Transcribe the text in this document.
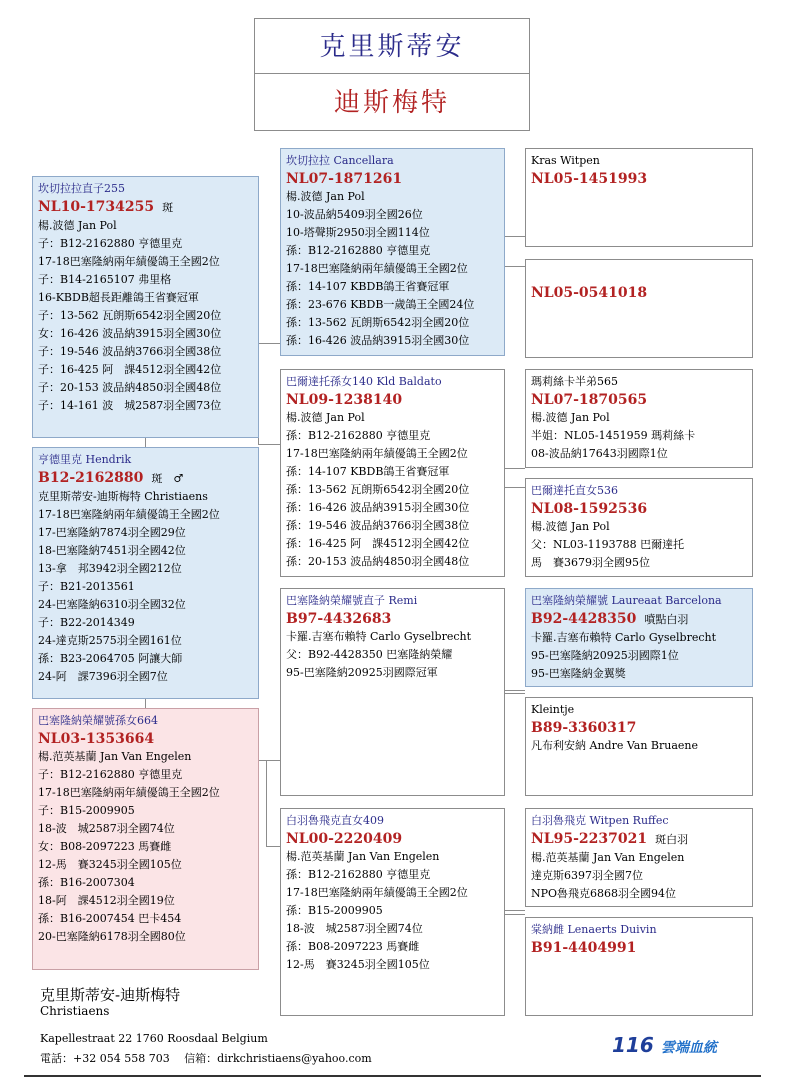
克里斯蒂安
迪斯梅特
坎切拉拉直子255
NL10-1734255 斑
楊.波德 Jan Pol
子：B12-2162880 亨德里克
17-18巴塞隆納兩年績優鴿王全國2位
子：B14-2165107 弗里格
16-KBDB超長距離鴿王省賽冠軍
子：13-562 瓦朗斯6542羽全國20位
女：16-426 波品納3915羽全國30位
子：19-546 波品納3766羽全國38位
子：16-425 阿　課4512羽全國42位
子：20-153 波品納4850羽全國48位
子：14-161 波　城2587羽全國73位
亨德里克 Hendrik
B12-2162880 斑　♂
克里斯蒂安-迪斯梅特 Christiaens
17-18巴塞隆納兩年績優鴿王全國2位
17-巴塞隆納7874羽全國29位
18-巴塞隆納7451羽全國42位
13-拿　邦3942羽全國212位
子：B21-2013561
24-巴塞隆納6310羽全國32位
子：B22-2014349
24-達克斯2575羽全國161位
孫：B23-2064705 阿讓大師
24-阿　課7396羽全國7位
巴塞隆納榮耀號孫女664
NL03-1353664
楊.范英基蘭 Jan Van Engelen
子：B12-2162880 亨德里克
17-18巴塞隆納兩年績優鴿王全國2位
子：B15-2009905
18-波　城2587羽全國74位
女：B08-2097223 馬賽雌
12-馬　賽3245羽全國105位
孫：B16-2007304
18-阿　課4512羽全國19位
孫：B16-2007454 巴卡454
20-巴塞隆納6178羽全國80位
坎切拉拉 Cancellara
NL07-1871261
楊.波德 Jan Pol
10-波品納5409羽全國26位
10-塔聲斯2950羽全國114位
孫：B12-2162880 亨德里克
17-18巴塞隆納兩年績優鴿王全國2位
孫：14-107 KBDB鴿王省賽冠軍
孫：23-676 KBDB一歲鴿王全國24位
孫：13-562 瓦朗斯6542羽全國20位
孫：16-426 波品納3915羽全國30位
巴爾達托孫女140 Kld Baldato
NL09-1238140
楊.波德 Jan Pol
孫：B12-2162880 亨德里克
17-18巴塞隆納兩年績優鴿王全國2位
孫：14-107 KBDB鴿王省賽冠軍
孫：13-562 瓦朗斯6542羽全國20位
孫：16-426 波品納3915羽全國30位
孫：19-546 波品納3766羽全國38位
孫：16-425 阿　課4512羽全國42位
孫：20-153 波品納4850羽全國48位
巴塞隆納榮耀號直子 Remi
B97-4432683
卡羅.吉塞布賴特 Carlo Gyselbrecht
父：B92-4428350 巴塞隆納榮耀
95-巴塞隆納20925羽國際冠軍
白羽魯飛克直女409
NL00-2220409
楊.范英基蘭 Jan Van Engelen
孫：B12-2162880 亨德里克
17-18巴塞隆納兩年績優鴿王全國2位
孫：B15-2009905
18-波　城2587羽全國74位
孫：B08-2097223 馬賽雌
12-馬　賽3245羽全國105位
Kras Witpen
NL05-1451993
NL05-0541018
瑪莉絲卡半弟565
NL07-1870565
楊.波德 Jan Pol
半姐：NL05-1451959 瑪莉絲卡
08-波品納17643羽國際1位
巴爾達托直女536
NL08-1592536
楊.波德 Jan Pol
父：NL03-1193788 巴爾達托
馬　賽3679羽全國95位
巴塞隆納榮耀號 Laureaat Barcelona
B92-4428350 噴點白羽
卡羅.吉塞布賴特 Carlo Gyselbrecht
95-巴塞隆納20925羽國際1位
95-巴塞隆納金翼獎
Kleintje
B89-3360317
凡布利安納 Andre Van Bruaene
白羽魯飛克 Witpen Ruffec
NL95-2237021 斑白羽
楊.范英基蘭 Jan Van Engelen
達克斯6397羽全國7位
NPO魯飛克6868羽全國94位
棠納雌 Lenaerts Duivin
B91-4404991
克里斯蒂安-迪斯梅特
Christiaens
Kapellestraat 22 1760 Roosdaal Belgium
電話：+32 054 558 703　 信箱：dirkchristiaens@yahoo.com
116 雲端血統
